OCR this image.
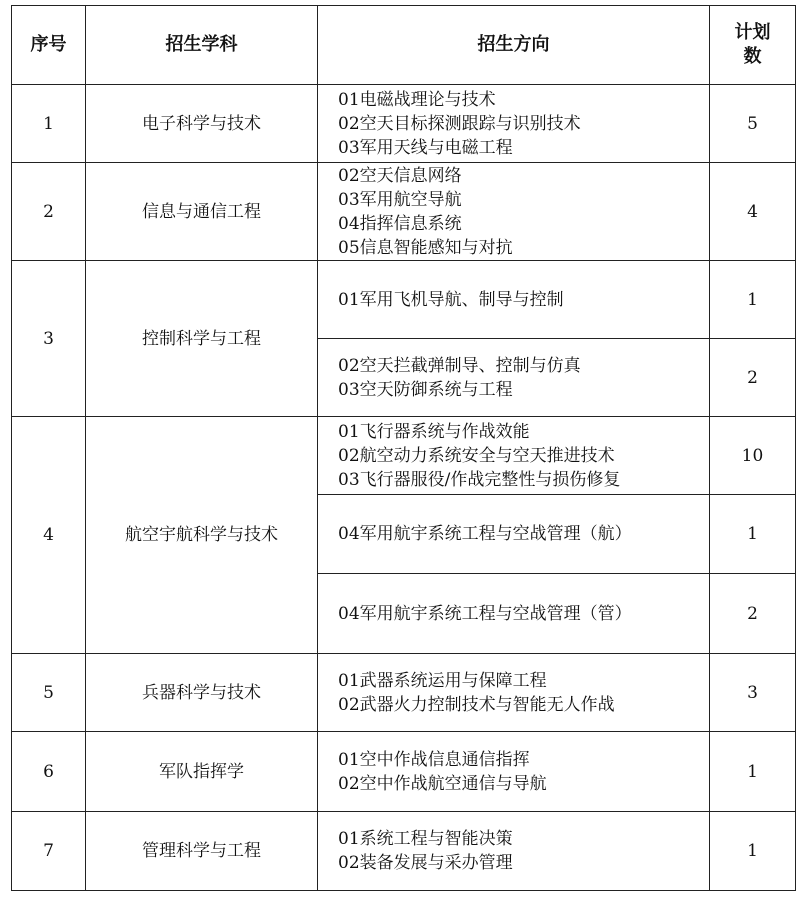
序号	招生学科	招生方向	计划
数

1	电子科学与技术	01电磁战理论与技术
02空天目标探测跟踪与识别技术
03军用天线与电磁工程	5
2	信息与通信工程	02空天信息网络
03军用航空导航
04指挥信息系统
05信息智能感知与对抗	4
3	控制科学与工程	01军用飞机导航、制导与控制	1

		02空天拦截弹制导、控制与仿真
03空天防御系统与工程	2
4	航空宇航科学与技术	01飞行器系统与作战效能
02航空动力系统安全与空天推进技术
03飞行器服役/作战完整性与损伤修复	10

		04军用航宇系统工程与空战管理（航）	1

		04军用航宇系统工程与空战管理（管）	2
5	兵器科学与技术	01武器系统运用与保障工程
02武器火力控制技术与智能无人作战	3
6	军队指挥学	01空中作战信息通信指挥
02空中作战航空通信与导航	1
7	管理科学与工程	01系统工程与智能决策
02装备发展与采办管理	1
